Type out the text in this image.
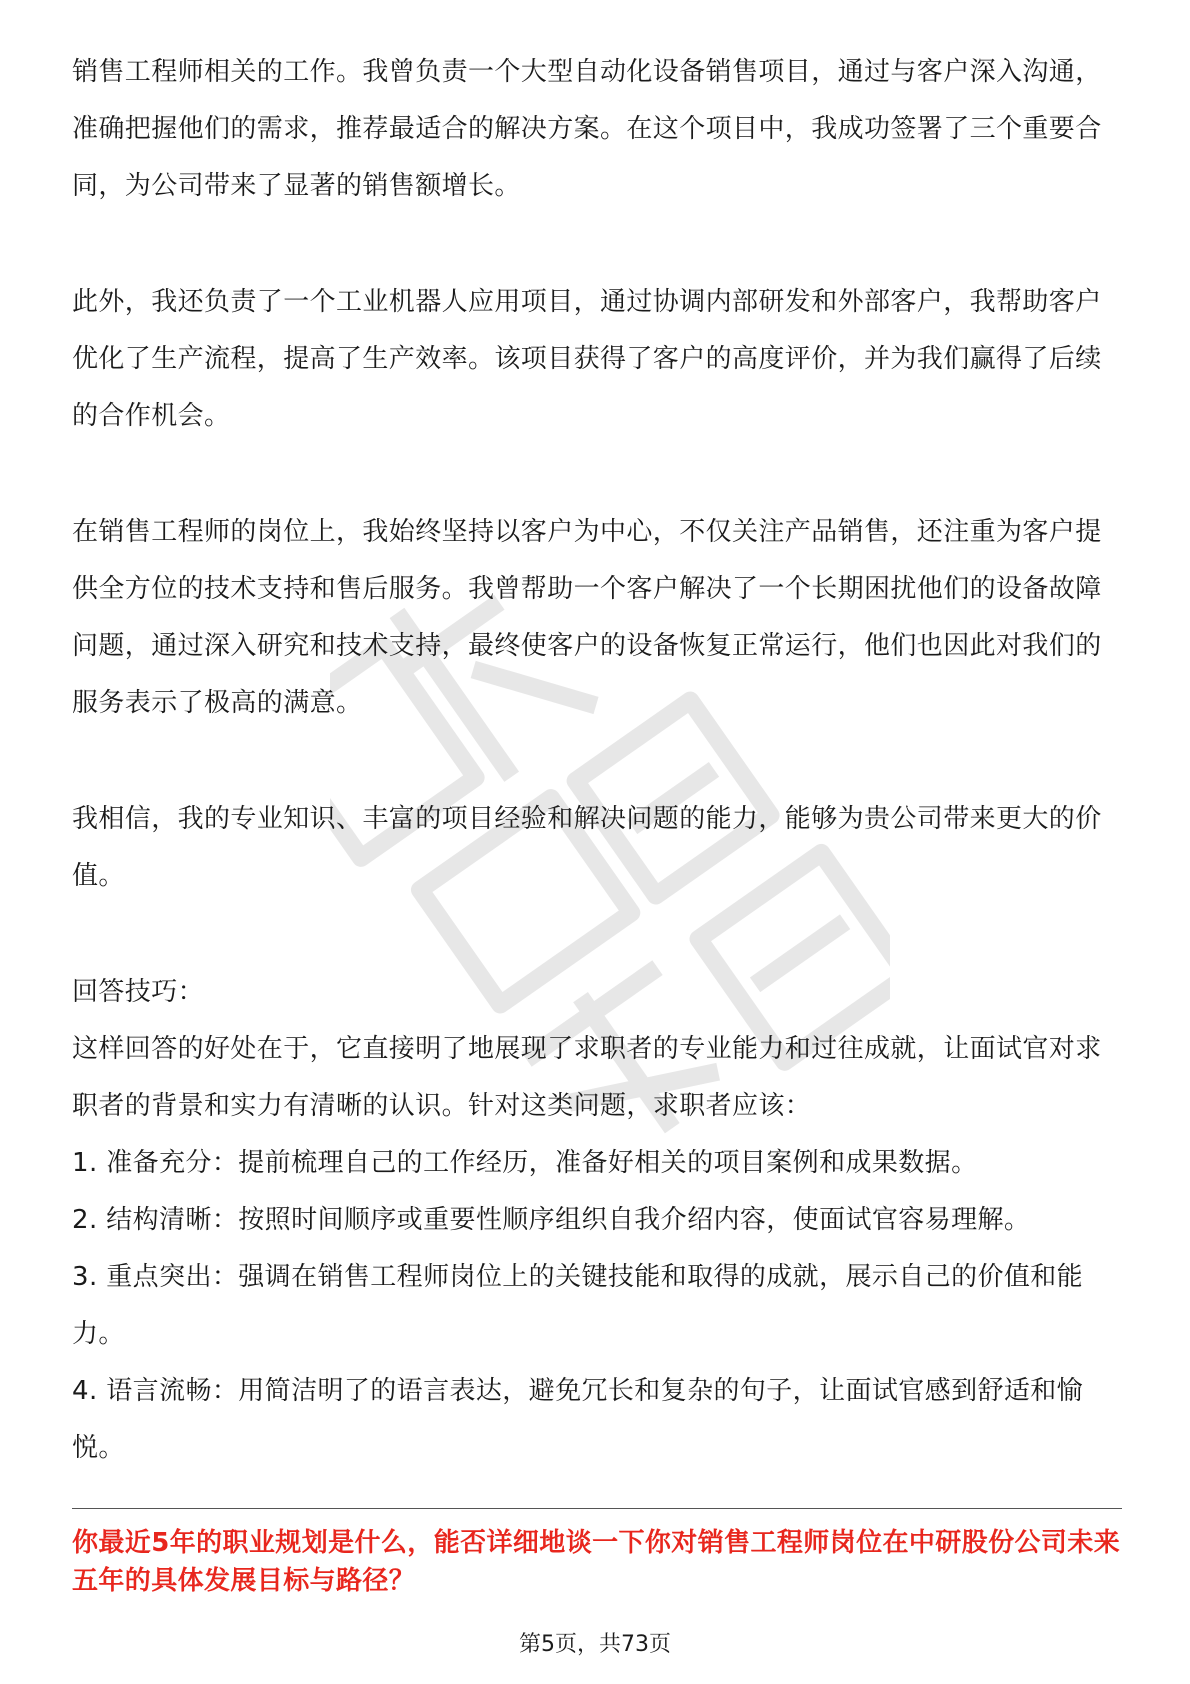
销售工程师相关的工作。我曾负责一个大型自动化设备销售项目，通过与客户深入沟通，准确把握他们的需求，推荐最适合的解决方案。在这个项目中，我成功签署了三个重要合同，为公司带来了显著的销售额增长。

此外，我还负责了一个工业机器人应用项目，通过协调内部研发和外部客户，我帮助客户优化了生产流程，提高了生产效率。该项目获得了客户的高度评价，并为我们赢得了后续的合作机会。

在销售工程师的岗位上，我始终坚持以客户为中心，不仅关注产品销售，还注重为客户提供全方位的技术支持和售后服务。我曾帮助一个客户解决了一个长期困扰他们的设备故障问题，通过深入研究和技术支持，最终使客户的设备恢复正常运行，他们也因此对我们的服务表示了极高的满意。

我相信，我的专业知识、丰富的项目经验和解决问题的能力，能够为贵公司带来更大的价值。

回答技巧：

这样回答的好处在于，它直接明了地展现了求职者的专业能力和过往成就，让面试官对求职者的背景和实力有清晰的认识。针对这类问题，求职者应该：

1. 准备充分：提前梳理自己的工作经历，准备好相关的项目案例和成果数据。
2. 结构清晰：按照时间顺序或重要性顺序组织自我介绍内容，使面试官容易理解。
3. 重点突出：强调在销售工程师岗位上的关键技能和取得的成就，展示自己的价值和能力。
4. 语言流畅：用简洁明了的语言表达，避免冗长和复杂的句子，让面试官感到舒适和愉悦。

你最近5年的职业规划是什么，能否详细地谈一下你对销售工程师岗位在中研股份公司未来五年的具体发展目标与路径？

第5页，共73页
